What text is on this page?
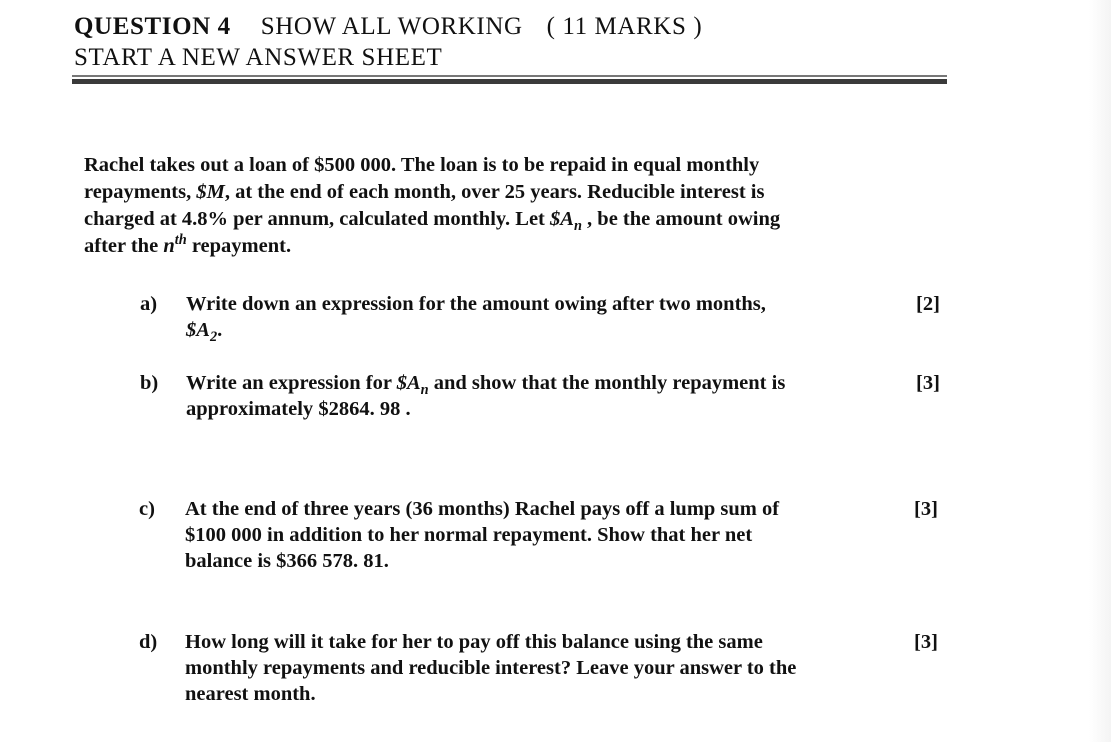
QUESTION 4 SHOW ALL WORKING ( 11 MARKS )
START A NEW ANSWER SHEET
Rachel takes out a loan of $500 000. The loan is to be repaid in equal monthly
repayments, $M, at the end of each month, over 25 years. Reducible interest is
charged at 4.8% per annum, calculated monthly. Let $\$A_n$ , be the amount owing
after the $n^{th}$ repayment.
a) Write down an expression for the amount owing after two months,
$\$A_2$.
[2]
b) Write an expression for $\$A_n$ and show that the monthly repayment is
approximately $2864. 98 .
[3]
c) At the end of three years (36 months) Rachel pays off a lump sum of
$100 000 in addition to her normal repayment. Show that her net
balance is $366 578. 81.
[3]
d) How long will it take for her to pay off this balance using the same
monthly repayments and reducible interest? Leave your answer to the
nearest month.
[3]
